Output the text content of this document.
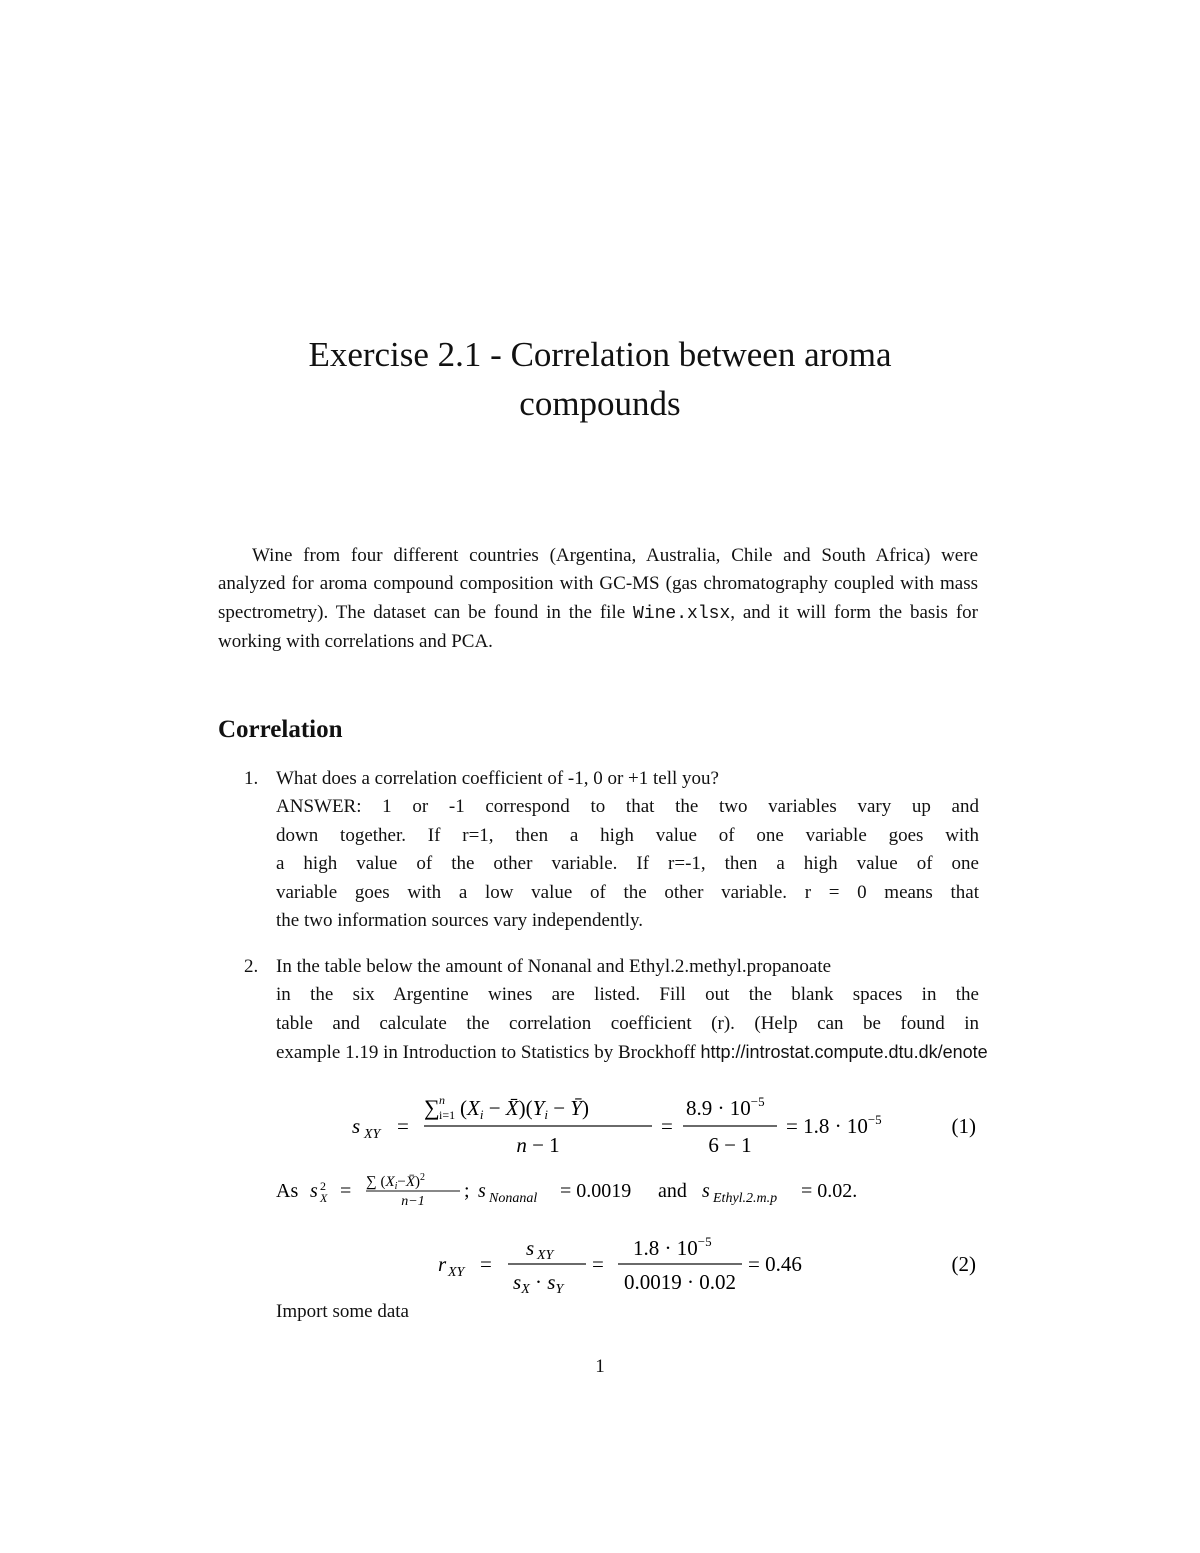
Exercise 2.1 - Correlation between aroma
compounds
Wine from four different countries (Argentina, Australia, Chile and South Africa) were analyzed for aroma compound composition with GC-MS (gas chromatography coupled with mass spectrometry). The dataset can be found in the file Wine.xlsx, and it will form the basis for working with correlations and PCA.
Correlation
1. What does a correlation coefficient of -1, 0 or +1 tell you?
ANSWER: 1 or -1 correspond to that the two variables vary up and
down together. If r=1, then a high value of one variable goes with
a high value of the other variable. If r=-1, then a high value of one
variable goes with a low value of the other variable. r = 0 means that
the two information sources vary independently.
2. In the table below the amount of Nonanal and Ethyl.2.methyl.propanoate
in the six Argentine wines are listed. Fill out the blank spaces in the
table and calculate the correlation coefficient (r). (Help can be found in
example 1.19 in Introduction to Statistics by Brockhoff http://introstat.compute.dtu.dk/enote
s XY =
∑ n
i=1 (Xi − X̄)(Yi − Ȳ)
n − 1
=
$8.9 \cdot 10^{-5}$
6 − 1
= $1.8 \cdot 10^{-5}$	(1)
As s 2
X = ∑ $(X_i-X̄)^2$
n−1 ; s Nonanal = 0.0019 and s Ethyl.2.m.p = 0.02.
r XY =
s XY
sX · sY
=
$1.8 \cdot 10^{-5}$
0.0019 · 0.02
= 0.46	(2)
Import some data
1
